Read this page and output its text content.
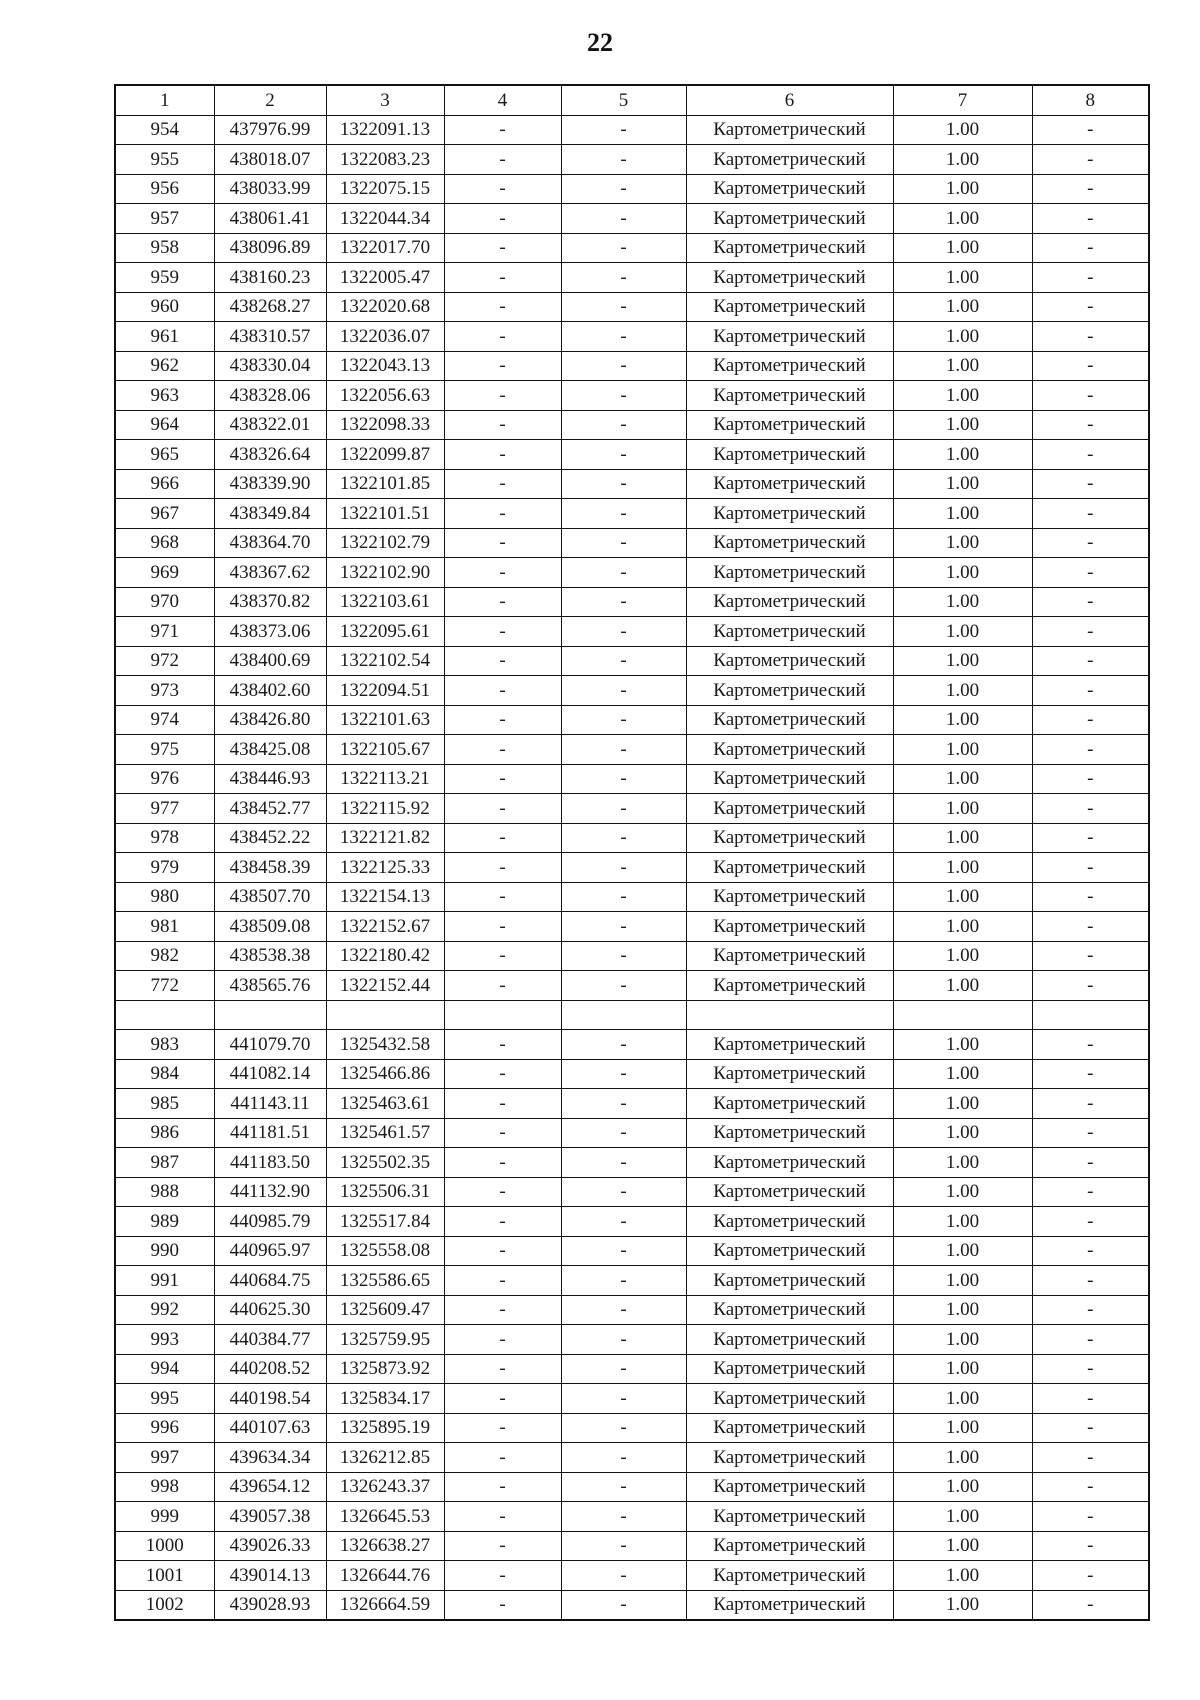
22
1	2	3	4	5	6	7	8
954	437976.99	1322091.13	-	-	Картометрический	1.00	-
955	438018.07	1322083.23	-	-	Картометрический	1.00	-
956	438033.99	1322075.15	-	-	Картометрический	1.00	-
957	438061.41	1322044.34	-	-	Картометрический	1.00	-
958	438096.89	1322017.70	-	-	Картометрический	1.00	-
959	438160.23	1322005.47	-	-	Картометрический	1.00	-
960	438268.27	1322020.68	-	-	Картометрический	1.00	-
961	438310.57	1322036.07	-	-	Картометрический	1.00	-
962	438330.04	1322043.13	-	-	Картометрический	1.00	-
963	438328.06	1322056.63	-	-	Картометрический	1.00	-
964	438322.01	1322098.33	-	-	Картометрический	1.00	-
965	438326.64	1322099.87	-	-	Картометрический	1.00	-
966	438339.90	1322101.85	-	-	Картометрический	1.00	-
967	438349.84	1322101.51	-	-	Картометрический	1.00	-
968	438364.70	1322102.79	-	-	Картометрический	1.00	-
969	438367.62	1322102.90	-	-	Картометрический	1.00	-
970	438370.82	1322103.61	-	-	Картометрический	1.00	-
971	438373.06	1322095.61	-	-	Картометрический	1.00	-
972	438400.69	1322102.54	-	-	Картометрический	1.00	-
973	438402.60	1322094.51	-	-	Картометрический	1.00	-
974	438426.80	1322101.63	-	-	Картометрический	1.00	-
975	438425.08	1322105.67	-	-	Картометрический	1.00	-
976	438446.93	1322113.21	-	-	Картометрический	1.00	-
977	438452.77	1322115.92	-	-	Картометрический	1.00	-
978	438452.22	1322121.82	-	-	Картометрический	1.00	-
979	438458.39	1322125.33	-	-	Картометрический	1.00	-
980	438507.70	1322154.13	-	-	Картометрический	1.00	-
981	438509.08	1322152.67	-	-	Картометрический	1.00	-
982	438538.38	1322180.42	-	-	Картометрический	1.00	-
772	438565.76	1322152.44	-	-	Картометрический	1.00	-

983	441079.70	1325432.58	-	-	Картометрический	1.00	-
984	441082.14	1325466.86	-	-	Картометрический	1.00	-
985	441143.11	1325463.61	-	-	Картометрический	1.00	-
986	441181.51	1325461.57	-	-	Картометрический	1.00	-
987	441183.50	1325502.35	-	-	Картометрический	1.00	-
988	441132.90	1325506.31	-	-	Картометрический	1.00	-
989	440985.79	1325517.84	-	-	Картометрический	1.00	-
990	440965.97	1325558.08	-	-	Картометрический	1.00	-
991	440684.75	1325586.65	-	-	Картометрический	1.00	-
992	440625.30	1325609.47	-	-	Картометрический	1.00	-
993	440384.77	1325759.95	-	-	Картометрический	1.00	-
994	440208.52	1325873.92	-	-	Картометрический	1.00	-
995	440198.54	1325834.17	-	-	Картометрический	1.00	-
996	440107.63	1325895.19	-	-	Картометрический	1.00	-
997	439634.34	1326212.85	-	-	Картометрический	1.00	-
998	439654.12	1326243.37	-	-	Картометрический	1.00	-
999	439057.38	1326645.53	-	-	Картометрический	1.00	-
1000	439026.33	1326638.27	-	-	Картометрический	1.00	-
1001	439014.13	1326644.76	-	-	Картометрический	1.00	-
1002	439028.93	1326664.59	-	-	Картометрический	1.00	-
